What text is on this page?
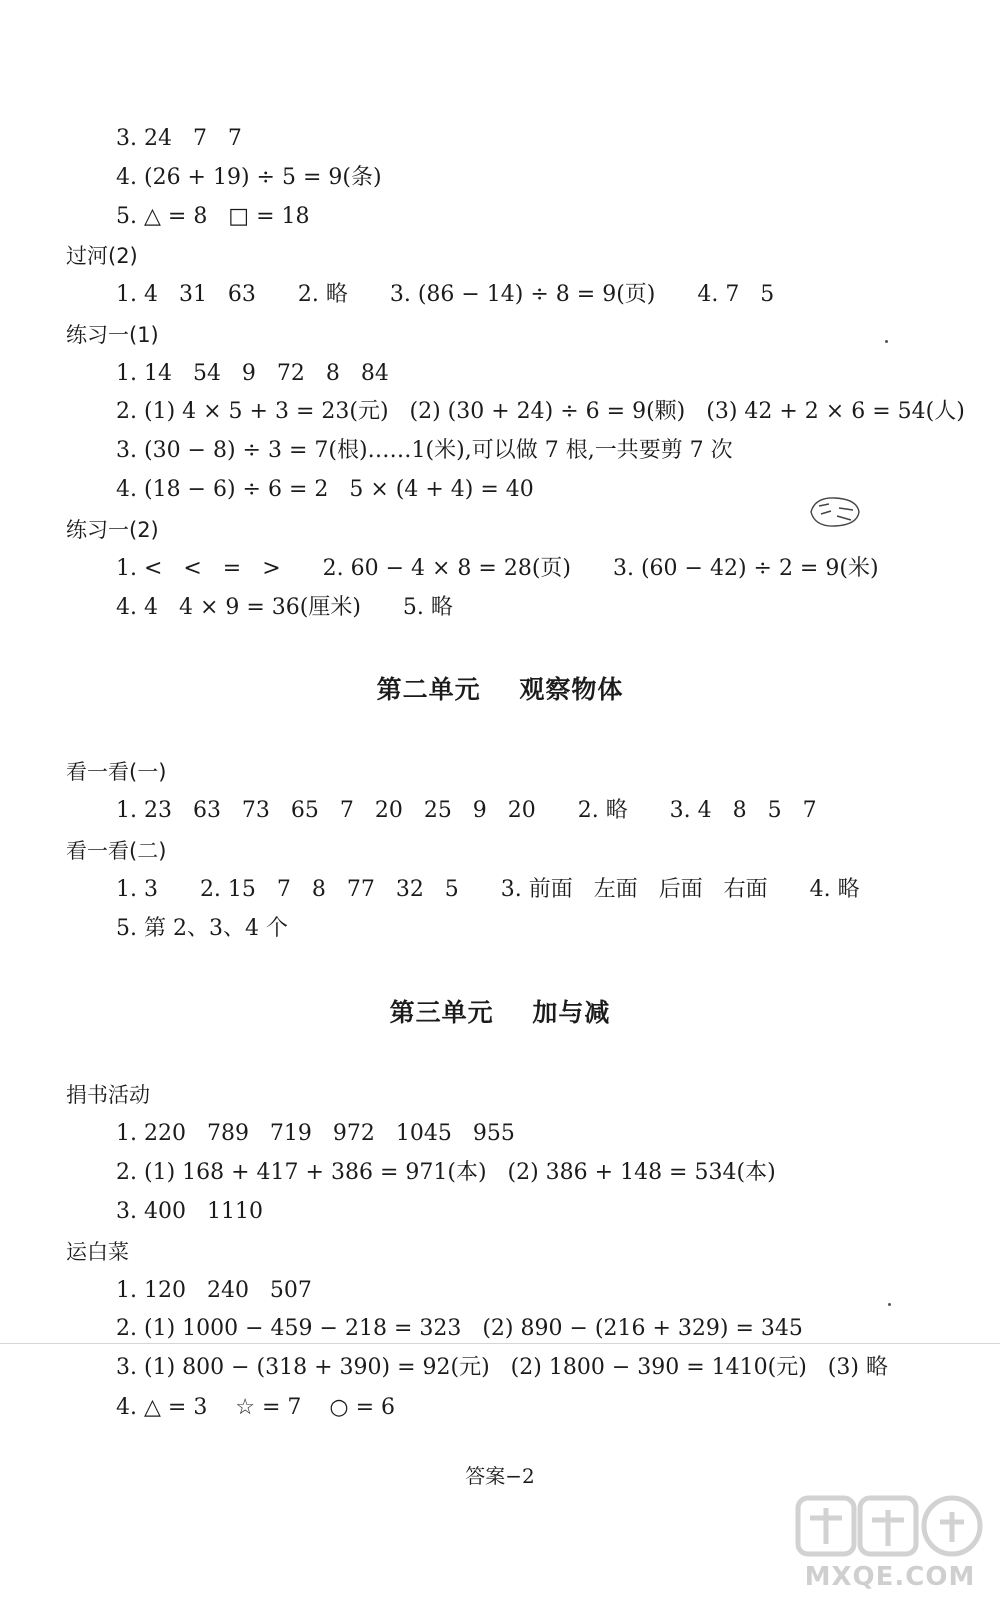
3. 24   7   7
4. (26 + 19) ÷ 5 = 9(条)
5. △ = 8   □ = 18
过河(2)
1. 4   31   63      2. 略      3. (86 − 14) ÷ 8 = 9(页)      4. 7   5
练习一(1)
1. 14   54   9   72   8   84
2. (1) 4 × 5 + 3 = 23(元)   (2) (30 + 24) ÷ 6 = 9(颗)   (3) 42 + 2 × 6 = 54(人)
3. (30 − 8) ÷ 3 = 7(根)……1(米),可以做 7 根,一共要剪 7 次
4. (18 − 6) ÷ 6 = 2   5 × (4 + 4) = 40
练习一(2)
1. <   <   =   >      2. 60 − 4 × 8 = 28(页)      3. (60 − 42) ÷ 2 = 9(米)
4. 4   4 × 9 = 36(厘米)      5. 略
第二单元    观察物体
看一看(一)
1. 23   63   73   65   7   20   25   9   20      2. 略      3. 4   8   5   7
看一看(二)
1. 3      2. 15   7   8   77   32   5      3. 前面   左面   后面   右面      4. 略
5. 第 2、3、4 个
第三单元    加与减
捐书活动
1. 220   789   719   972   1045   955
2. (1) 168 + 417 + 386 = 971(本)   (2) 386 + 148 = 534(本)
3. 400   1110
运白菜
1. 120   240   507
2. (1) 1000 − 459 − 218 = 323   (2) 890 − (216 + 329) = 345
3. (1) 800 − (318 + 390) = 92(元)   (2) 1800 − 390 = 1410(元)   (3) 略
4. △ = 3    ☆ = 7    ○ = 6
答案−2
MXQE.COM
